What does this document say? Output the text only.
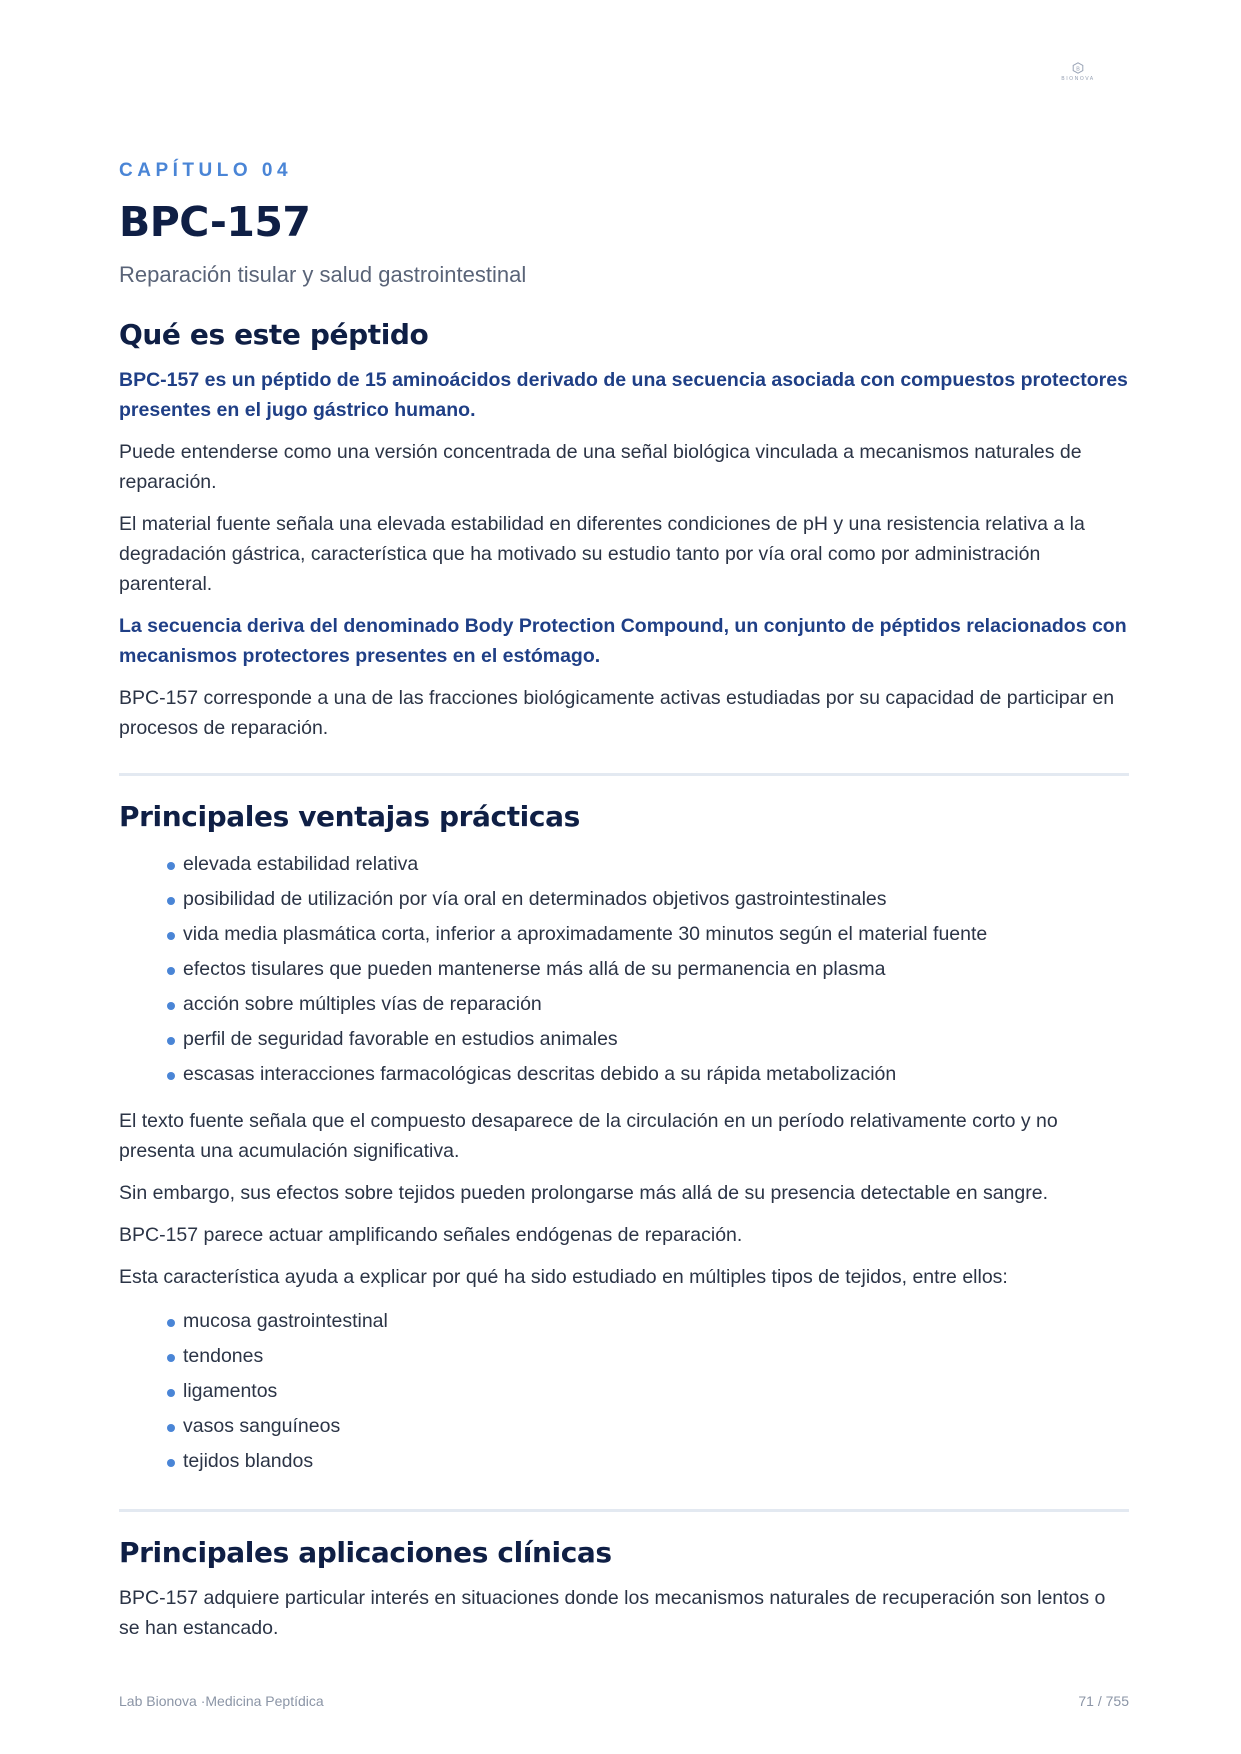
B
BIONOVA
CAPÍTULO 04
BPC-157
Reparación tisular y salud gastrointestinal
Qué es este péptido

BPC-157 es un péptido de 15 aminoácidos derivado de una secuencia asociada con compuestos protectores presentes en el jugo gástrico humano.

Puede entenderse como una versión concentrada de una señal biológica vinculada a mecanismos naturales de reparación.

El material fuente señala una elevada estabilidad en diferentes condiciones de pH y una resistencia relativa a la degradación gástrica, característica que ha motivado su estudio tanto por vía oral como por administración parenteral.

La secuencia deriva del denominado Body Protection Compound, un conjunto de péptidos relacionados con mecanismos protectores presentes en el estómago.

BPC-157 corresponde a una de las fracciones biológicamente activas estudiadas por su capacidad de participar en procesos de reparación.

Principales ventajas prácticas
elevada estabilidad relativa
posibilidad de utilización por vía oral en determinados objetivos gastrointestinales
vida media plasmática corta, inferior a aproximadamente 30 minutos según el material fuente
efectos tisulares que pueden mantenerse más allá de su permanencia en plasma
acción sobre múltiples vías de reparación
perfil de seguridad favorable en estudios animales
escasas interacciones farmacológicas descritas debido a su rápida metabolización

El texto fuente señala que el compuesto desaparece de la circulación en un período relativamente corto y no presenta una acumulación significativa.

Sin embargo, sus efectos sobre tejidos pueden prolongarse más allá de su presencia detectable en sangre.

BPC-157 parece actuar amplificando señales endógenas de reparación.

Esta característica ayuda a explicar por qué ha sido estudiado en múltiples tipos de tejidos, entre ellos:

mucosa gastrointestinal
tendones
ligamentos
vasos sanguíneos
tejidos blandos
Principales aplicaciones clínicas

BPC-157 adquiere particular interés en situaciones donde los mecanismos naturales de recuperación son lentos o se han estancado.

Lab Bionova ·Medicina Peptídica	71 / 755
